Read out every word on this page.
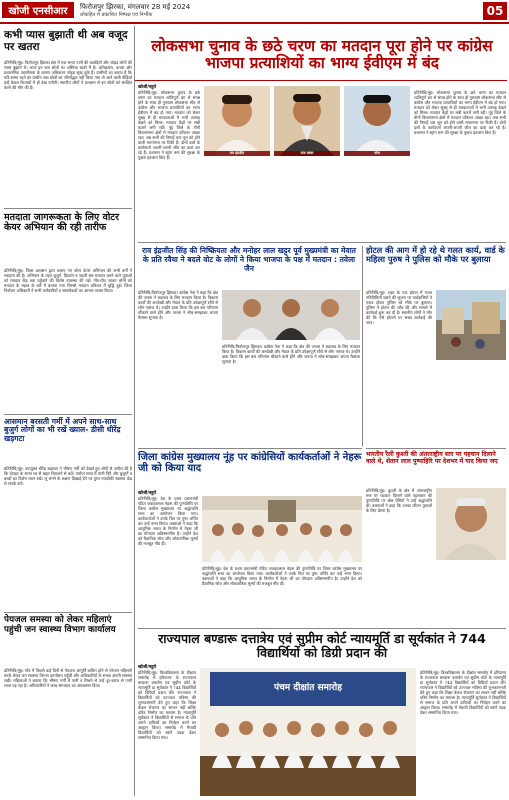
खोजी एनसीआर	फिरोजपुर झिरका, मंगलवार 28 मई 2024
लोकहित में प्रकाशित निष्पक्ष एवं निर्भीक	05
कभी प्यास बुझाती थी अब वजूद पर खतरा

प्रतिनिधि/नूंह। फिरोजपुर झिरका क्षेत्र में एक समय पानी की बावड़ियाँ और जोहड़ लोगों की प्यास बुझाते थे। आज इन जल स्रोतों का अस्तित्व खतरे में है। अतिक्रमण, कचरा और प्रशासनिक उदासीनता के कारण अधिकतर जोहड़ सूख चुके हैं। ग्रामीणों का कहना है कि यदि समय रहते इन प्राचीन जल स्रोतों का जीर्णोद्धार नहीं किया गया तो आने वाली पीढ़ियाँ इन्हें केवल किताबों में ही देख पाएँगी। स्थानीय लोगों ने प्रशासन से इन स्रोतों को संरक्षित करने की माँग की है।

मतदाता जागरूकता के लिए वोटर केयर अभियान की रही तारीफ

प्रतिनिधि/नूंह। जिला प्रशासन द्वारा चलाए गए वोटर केयर अभियान की सभी वर्गों ने सराहना की है। अभियान के तहत बुजुर्ग, दिव्यांग व पहली बार मतदान करने वाले युवाओं को मतदान केंद्र तक पहुँचाने की विशेष व्यवस्था की गई। गाँव-गाँव जाकर लोगों को मतदान के महत्व के बारे में बताया गया जिससे मतदान प्रतिशत में वृद्धि हुई। जिला निर्वाचन अधिकारी ने सभी कर्मचारियों व स्वयंसेवकों का आभार व्यक्त किया।

आसमान बरसती गर्मी में अपने साथ-साथ बुजुर्ग लोगों का भी रखें ख्याल- डीसी धीरेंद्र खड़गटा

प्रतिनिधि/नूंह। उपायुक्त धीरेंद्र खड़गटा ने भीषण गर्मी को देखते हुए लोगों से अपील की है कि दोपहर के समय घर से बाहर निकलने से बचें। पर्याप्त मात्रा में पानी पिएँ और बुजुर्गों व बच्चों का विशेष ध्यान रखें। लू लगने के लक्षण दिखाई देने पर तुरंत नजदीकी स्वास्थ्य केंद्र से संपर्क करें।

पेयजल समस्या को लेकर महिलाएं पहुंची जन स्वास्थ्य विभाग कार्यालय

प्रतिनिधि/नूंह। गाँव में पिछले कई दिनों से पेयजल आपूर्ति बाधित होने से परेशान महिलाएँ मटके लेकर जन स्वास्थ्य विभाग कार्यालय पहुँचीं और अधिकारियों के समक्ष अपनी समस्या रखी। महिलाओं ने बताया कि भीषण गर्मी में पानी न मिलने से उन्हें दूर-दराज से पानी लाना पड़ रहा है। अधिकारियों ने जल्द समाधान का आश्वासन दिया।

लोकसभा चुनाव के छठे चरण का मतदान पूरा होने पर कांग्रेस भाजपा प्रत्याशियों का भाग्य ईवीएम में बंद
खोजी/ब्यूरो

प्रतिनिधि/नूंह। लोकसभा चुनाव के छठे चरण का मतदान शांतिपूर्ण ढंग से संपन्न होने के साथ ही गुरुग्राम लोकसभा सीट से कांग्रेस और भाजपा प्रत्याशियों का भाग्य ईवीएम में बंद हो गया। मतदान को लेकर सुबह से ही मतदाताओं में भारी उत्साह देखने को मिला। मतदान केंद्रों पर लंबी कतारें लगी रहीं। नूंह जिले के तीनों विधानसभा क्षेत्रों में मतदान प्रतिशत अच्छा रहा। अब सभी की निगाहें चार जून को होने वाली मतगणना पर टिकी हैं। दोनों दलों के कार्यकर्ता अपनी-अपनी जीत का दावा कर रहे हैं। प्रशासन ने स्ट्रांग रूम की सुरक्षा के पुख्ता इंतजाम किए हैं।

राव इंद्रजीत	राज बब्बर	नरेश

प्रतिनिधि/नूंह। लोकसभा चुनाव के छठे चरण का मतदान शांतिपूर्ण ढंग से संपन्न होने के साथ ही गुरुग्राम लोकसभा सीट से कांग्रेस और भाजपा प्रत्याशियों का भाग्य ईवीएम में बंद हो गया। मतदान को लेकर सुबह से ही मतदाताओं में भारी उत्साह देखने को मिला। मतदान केंद्रों पर लंबी कतारें लगी रहीं। नूंह जिले के तीनों विधानसभा क्षेत्रों में मतदान प्रतिशत अच्छा रहा। अब सभी की निगाहें चार जून को होने वाली मतगणना पर टिकी हैं। दोनों दलों के कार्यकर्ता अपनी-अपनी जीत का दावा कर रहे हैं। प्रशासन ने स्ट्रांग रूम की सुरक्षा के पुख्ता इंतजाम किए हैं।

राव इंद्रजीत सिंह की निष्क्रियता और मनोहर लाल खट्टर पूर्व मुख्यमंत्री का मेवात के प्रति रवैया ने बदले वोट के लोगों ने किया भाजपा के पक्ष में मतदान : तवेला जैन

प्रतिनिधि/फिरोजपुर झिरका। कांग्रेस नेता ने कहा कि क्षेत्र की जनता ने बदलाव के लिए मतदान किया है। विकास कार्यों की अनदेखी और मेवात के प्रति उपेक्षापूर्ण रवैये से लोग नाराज थे। उन्होंने दावा किया कि इस बार परिणाम चौंकाने वाले होंगे और जनता ने सोच-समझकर अपना फैसला सुनाया है।

प्रतिनिधि/फिरोजपुर झिरका। कांग्रेस नेता ने कहा कि क्षेत्र की जनता ने बदलाव के लिए मतदान किया है। विकास कार्यों की अनदेखी और मेवात के प्रति उपेक्षापूर्ण रवैये से लोग नाराज थे। उन्होंने दावा किया कि इस बार परिणाम चौंकाने वाले होंगे और जनता ने सोच-समझकर अपना फैसला सुनाया है।

होटल की आग में हो रहे थे गलत कार्य, वार्ड के महिला पुरुष ने पुलिस को मौके पर बुलाया

प्रतिनिधि/नूंह। शहर के एक होटल में गलत गतिविधियाँ चलने की सूचना पर वार्डवासियों ने एकत्र होकर पुलिस को मौके पर बुलाया। पुलिस ने होटल की जाँच की और मामले में कार्रवाई शुरू कर दी है। स्थानीय लोगों ने माँग की कि ऐसे होटलों पर सख्त कार्रवाई की जाए।

भारतीय रैली कुश्ती की अंतरराष्ट्रीय स्तर पर पहचान दिलाने वाले थे, शेतान लाल पुष्पाहिरि पर देशभर में याद किया जए

प्रतिनिधि/नूंह। कुश्ती के क्षेत्र में अंतरराष्ट्रीय स्तर पर पहचान दिलाने वाले पहलवान की पुण्यतिथि पर खेल प्रेमियों ने उन्हें श्रद्धांजलि दी। वक्ताओं ने कहा कि उनका जीवन युवाओं के लिए प्रेरणा है।

जिला कांग्रेस मुख्यालय नूंह पर कांग्रेसियों कार्यकर्ताओं ने नेहरू जी को किया याद
खोजी/ब्यूरो

प्रतिनिधि/नूंह। देश के प्रथम प्रधानमंत्री पंडित जवाहरलाल नेहरू की पुण्यतिथि पर जिला कांग्रेस मुख्यालय पर श्रद्धांजलि सभा का आयोजन किया गया। कार्यकर्ताओं ने उनके चित्र पर पुष्प अर्पित कर उन्हें नमन किया। वक्ताओं ने कहा कि आधुनिक भारत के निर्माण में नेहरू जी का योगदान अविस्मरणीय है। उन्होंने देश को वैज्ञानिक सोच और लोकतांत्रिक मूल्यों की मजबूत नींव दी।

प्रतिनिधि/नूंह। देश के प्रथम प्रधानमंत्री पंडित जवाहरलाल नेहरू की पुण्यतिथि पर जिला कांग्रेस मुख्यालय पर श्रद्धांजलि सभा का आयोजन किया गया। कार्यकर्ताओं ने उनके चित्र पर पुष्प अर्पित कर उन्हें नमन किया। वक्ताओं ने कहा कि आधुनिक भारत के निर्माण में नेहरू जी का योगदान अविस्मरणीय है। उन्होंने देश को वैज्ञानिक सोच और लोकतांत्रिक मूल्यों की मजबूत नींव दी।

राज्यपाल बण्डारू दत्तात्रेय एवं सुप्रीम कोर्ट न्यायमूर्ति डा सूर्यकांत ने 744 विद्यार्थियों को डिग्री प्रदान की
खोजी/ब्यूरो

प्रतिनिधि/नूंह। विश्वविद्यालय के दीक्षांत समारोह में हरियाणा के राज्यपाल बण्डारू दत्तात्रेय एवं सुप्रीम कोर्ट के न्यायमूर्ति डा सूर्यकांत ने 744 विद्यार्थियों को डिग्रियाँ प्रदान कीं। राज्यपाल ने विद्यार्थियों को उज्ज्वल भविष्य की शुभकामनाएँ देते हुए कहा कि शिक्षा केवल रोजगार का साधन नहीं बल्कि चरित्र निर्माण का माध्यम है। न्यायमूर्ति सूर्यकांत ने विद्यार्थियों से समाज के प्रति अपने दायित्वों का निर्वहन करने का आह्वान किया। समारोह में मेधावी विद्यार्थियों को स्वर्ण पदक देकर सम्मानित किया गया।

पंचम दीक्षांत समारोह

प्रतिनिधि/नूंह। विश्वविद्यालय के दीक्षांत समारोह में हरियाणा के राज्यपाल बण्डारू दत्तात्रेय एवं सुप्रीम कोर्ट के न्यायमूर्ति डा सूर्यकांत ने 744 विद्यार्थियों को डिग्रियाँ प्रदान कीं। राज्यपाल ने विद्यार्थियों को उज्ज्वल भविष्य की शुभकामनाएँ देते हुए कहा कि शिक्षा केवल रोजगार का साधन नहीं बल्कि चरित्र निर्माण का माध्यम है। न्यायमूर्ति सूर्यकांत ने विद्यार्थियों से समाज के प्रति अपने दायित्वों का निर्वहन करने का आह्वान किया। समारोह में मेधावी विद्यार्थियों को स्वर्ण पदक देकर सम्मानित किया गया।
